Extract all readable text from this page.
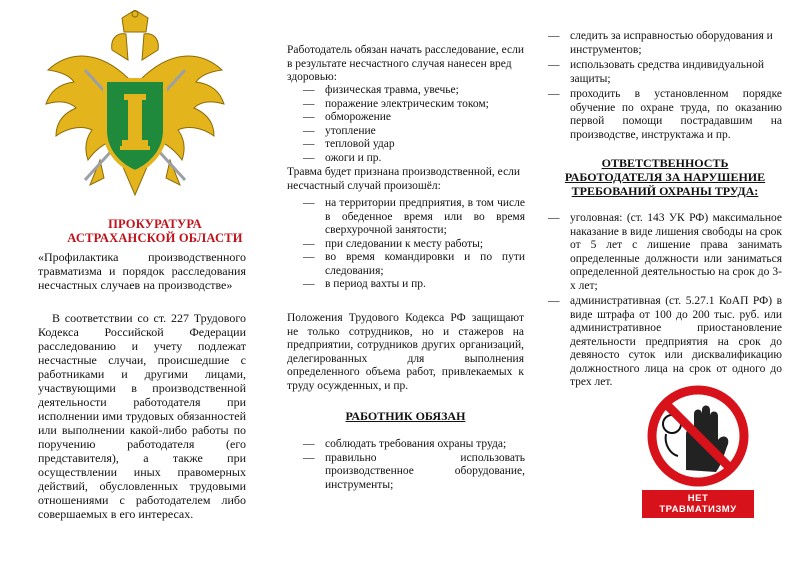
ПРОКУРАТУРА
АСТРАХАНСКОЙ ОБЛАСТИ
«Профилактика производственного травматизма и порядок расследования несчастных случаев на производстве»

В соответствии со ст. 227 Трудового Кодекса Российской Федерации расследованию и учету подлежат несчастные случаи, происшедшие с работниками и другими лицами, участвующими в производственной деятельности работодателя при исполнении ими трудовых обязанностей или выполнении какой-либо работы по поручению работодателя (его представителя), а также при осуществлении иных правомерных действий, обусловленных трудовыми отношениями с работодателем либо совершаемых в его интересах.

Работодатель обязан начать расследование, если в результате несчастного случая нанесен вред здоровью:

— физическая травма, увечье;
— поражение электрическим током;
— обморожение
— утопление
— тепловой удар
— ожоги и пр.

Травма будет признана производственной, если несчастный случай произошёл:

— на территории предприятия, в том числе в обеденное время или во время сверхурочной занятости;
— при следовании к месту работы;
— во время командировки и по пути следования;
— в период вахты и пр.

Положения Трудового Кодекса РФ защищают не только сотрудников, но и стажеров на предприятии, сотрудников других организаций, делегированных для выполнения определенного объема работ, привлекаемых к труду осужденных, и пр.

РАБОТНИК ОБЯЗАН

— соблюдать требования охраны труда;
— правильно использовать производственное оборудование, инструменты;
— следить за исправностью оборудования и инструментов;
— использовать средства индивидуальной защиты;
— проходить в установленном порядке обучение по охране труда, по оказанию первой помощи пострадавшим на производстве, инструктажа и пр.

ОТВЕТСТВЕННОСТЬ

РАБОТОДАТЕЛЯ ЗА НАРУШЕНИЕ

ТРЕБОВАНИЙ ОХРАНЫ ТРУДА:

— уголовная: (ст. 143 УК РФ) максимальное наказание в виде лишения свободы на срок от 5 лет с лишение права занимать определенные должности или заниматься определенной деятельностью на срок до 3-х лет;
— административная (ст. 5.27.1 КоАП РФ) в виде штрафа от 100 до 200 тыс. руб. или административное приостановление деятельности предприятия на срок до девяносто суток или дисквалификацию должностного лица на срок от одного до трех лет.
НЕТ
ТРАВМАТИЗМУ
